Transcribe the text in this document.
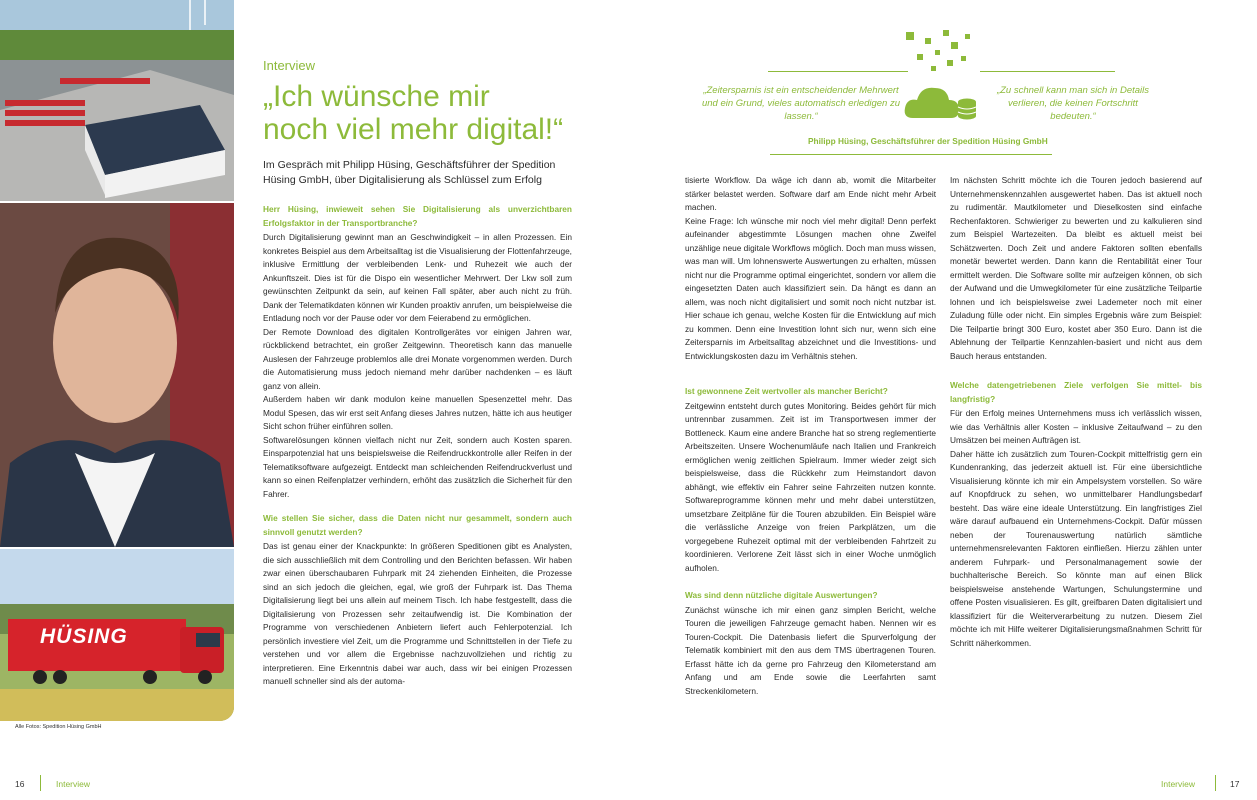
HÜSING
Alle Fotos: Spedition Hüsing GmbH
Interview
„Ich wünsche mir
noch viel mehr digital!“
Im Gespräch mit Philipp Hüsing, Geschäftsführer der Spedition Hüsing GmbH, über Digitalisierung als Schlüssel zum Erfolg
Herr Hüsing, inwieweit sehen Sie Digitalisierung als unverzichtbaren Erfolgsfaktor in der Transportbranche?

Durch Digitalisierung gewinnt man an Geschwindigkeit – in allen Prozessen. Ein konkretes Beispiel aus dem Arbeitsalltag ist die Visualisierung der Flottenfahrzeuge, inklusive Ermittlung der verbleibenden Lenk- und Ruhezeit wie auch der Ankunftszeit. Dies ist für die Dispo ein wesentlicher Mehrwert. Der Lkw soll zum gewünschten Zeitpunkt da sein, auf keinen Fall später, aber auch nicht zu früh. Dank der Telematikdaten können wir Kunden proaktiv anrufen, um beispielweise die Entladung noch vor der Pause oder vor dem Feierabend zu ermöglichen.

Der Remote Download des digitalen Kontrollgerätes vor einigen Jahren war, rückblickend betrachtet, ein großer Zeitgewinn. Theoretisch kann das manuelle Auslesen der Fahrzeuge problemlos alle drei Monate vorgenommen werden. Durch die Automatisierung muss jedoch niemand mehr darüber nachdenken – es läuft ganz von allein.

Außerdem haben wir dank modulon keine manuellen Spesenzettel mehr. Das Modul Spesen, das wir erst seit Anfang dieses Jahres nutzen, hätte ich aus heutiger Sicht schon früher einführen sollen.

Softwarelösungen können vielfach nicht nur Zeit, sondern auch Kosten sparen. Einsparpotenzial hat uns beispielsweise die Reifendruckkontrolle aller Reifen in der Telematiksoftware aufgezeigt. Entdeckt man schleichenden Reifendruckverlust und kann so einen Reifenplatzer verhindern, erhöht das zusätzlich die Sicherheit für den Fahrer.

Wie stellen Sie sicher, dass die Daten nicht nur gesammelt, sondern auch sinnvoll genutzt werden?

Das ist genau einer der Knackpunkte: In größeren Speditionen gibt es Analysten, die sich ausschließlich mit dem Controlling und den Berichten befassen. Wir haben zwar einen überschaubaren Fuhrpark mit 24 ziehenden Einheiten, die Prozesse sind an sich jedoch die gleichen, egal, wie groß der Fuhrpark ist. Das Thema Digitalisierung liegt bei uns allein auf meinem Tisch. Ich habe festgestellt, dass die Digitalisierung von Prozessen sehr zeitaufwendig ist. Die Kombination der Programme von verschiedenen Anbietern liefert auch Fehlerpotenzial. Ich persönlich investiere viel Zeit, um die Programme und Schnittstellen in der Tiefe zu verstehen und vor allem die Ergebnisse nachzuvollziehen und richtig zu interpretieren. Eine Erkenntnis dabei war auch, dass wir bei einigen Prozessen manuell schneller sind als der automa-

„Zeitersparnis ist ein entscheidender Mehrwert und ein Grund, vieles automatisch erledigen zu lassen.“
„Zu schnell kann man sich in Details verlieren, die keinen Fortschritt bedeuten.“
Philipp Hüsing, Geschäftsführer der Spedition Hüsing GmbH

tisierte Workflow. Da wäge ich dann ab, womit die Mitarbeiter stärker belastet werden. Software darf am Ende nicht mehr Arbeit machen.

Keine Frage: Ich wünsche mir noch viel mehr digital! Denn perfekt aufeinander abgestimmte Lösungen machen ohne Zweifel unzählige neue digitale Workflows möglich. Doch man muss wissen, was man will. Um lohnenswerte Auswertungen zu erhalten, müssen nicht nur die Programme optimal eingerichtet, sondern vor allem die eingesetzten Daten auch klassifiziert sein. Da hängt es dann an allem, was noch nicht digitalisiert und somit noch nicht nutzbar ist. Hier schaue ich genau, welche Kosten für die Entwicklung auf mich zu kommen. Denn eine Investition lohnt sich nur, wenn sich eine Zeitersparnis im Arbeitsalltag abzeichnet und die Investitions- und Entwicklungskosten dazu im Verhältnis stehen.

Ist gewonnene Zeit wertvoller als mancher Bericht?

Zeitgewinn entsteht durch gutes Monitoring. Beides gehört für mich untrennbar zusammen. Zeit ist im Transportwesen immer der Bottleneck. Kaum eine andere Branche hat so streng reglementierte Arbeitszeiten. Unsere Wochenumläufe nach Italien und Frankreich ermöglichen wenig zeitlichen Spielraum. Immer wieder zeigt sich beispielsweise, dass die Rückkehr zum Heimstandort davon abhängt, wie effektiv ein Fahrer seine Fahrzeiten nutzen konnte. Softwareprogramme können mehr und mehr dabei unterstützen, umsetzbare Zeitpläne für die Touren abzubilden. Ein Beispiel wäre die verlässliche Anzeige von freien Parkplätzen, um die vorgegebene Ruhezeit optimal mit der verbleibenden Fahrtzeit zu koordinieren. Verlorene Zeit lässt sich in einer Woche unmöglich aufholen.

Was sind denn nützliche digitale Auswertungen?

Zunächst wünsche ich mir einen ganz simplen Bericht, welche Touren die jeweiligen Fahrzeuge gemacht haben. Nennen wir es Touren-Cockpit. Die Datenbasis liefert die Spurverfolgung der Telematik kombiniert mit den aus dem TMS übertragenen Touren. Erfasst hätte ich da gerne pro Fahrzeug den Kilometerstand am Anfang und am Ende sowie die Leerfahrten samt Streckenkilometern.

Im nächsten Schritt möchte ich die Touren jedoch basierend auf Unternehmenskennzahlen ausgewertet haben. Das ist aktuell noch zu rudimentär. Mautkilometer und Dieselkosten sind einfache Rechenfaktoren. Schwieriger zu bewerten und zu kalkulieren sind zum Beispiel Wartezeiten. Da bleibt es aktuell meist bei Schätzwerten. Doch Zeit und andere Faktoren sollten ebenfalls monetär bewertet werden. Dann kann die Rentabilität einer Tour ermittelt werden. Die Software sollte mir aufzeigen können, ob sich der Aufwand und die Umwegkilometer für eine zusätzliche Teilpartie lohnen und ich beispielsweise zwei Lademeter noch mit einer Zuladung fülle oder nicht. Ein simples Ergebnis wäre zum Beispiel: Die Teilpartie bringt 300 Euro, kostet aber 350 Euro. Dann ist die Ablehnung der Teilpartie Kennzahlen-basiert und nicht aus dem Bauch heraus entstanden.

Welche datengetriebenen Ziele verfolgen Sie mittel- bis langfristig?

Für den Erfolg meines Unternehmens muss ich verlässlich wissen, wie das Verhältnis aller Kosten – inklusive Zeitaufwand – zu den Umsätzen bei meinen Aufträgen ist.

Daher hätte ich zusätzlich zum Touren-Cockpit mittelfristig gern ein Kundenranking, das jederzeit aktuell ist. Für eine übersichtliche Visualisierung könnte ich mir ein Ampelsystem vorstellen. So wäre auf Knopfdruck zu sehen, wo unmittelbarer Handlungsbedarf besteht. Das wäre eine ideale Unterstützung. Ein langfristiges Ziel wäre darauf aufbauend ein Unternehmens-Cockpit. Dafür müssen neben der Tourenauswertung natürlich sämtliche unternehmensrelevanten Faktoren einfließen. Hierzu zählen unter anderem Fuhrpark- und Personalmanagement sowie der buchhalterische Bereich. So könnte man auf einen Blick beispielsweise anstehende Wartungen, Schulungstermine und offene Posten visualisieren. Es gilt, greifbaren Daten digitalisiert und klassifiziert für die Weiterverarbeitung zu nutzen. Diesem Ziel möchte ich mit Hilfe weiterer Digitalisierungsmaßnahmen Schritt für Schritt näherkommen.

16	Interview	Interview	17
